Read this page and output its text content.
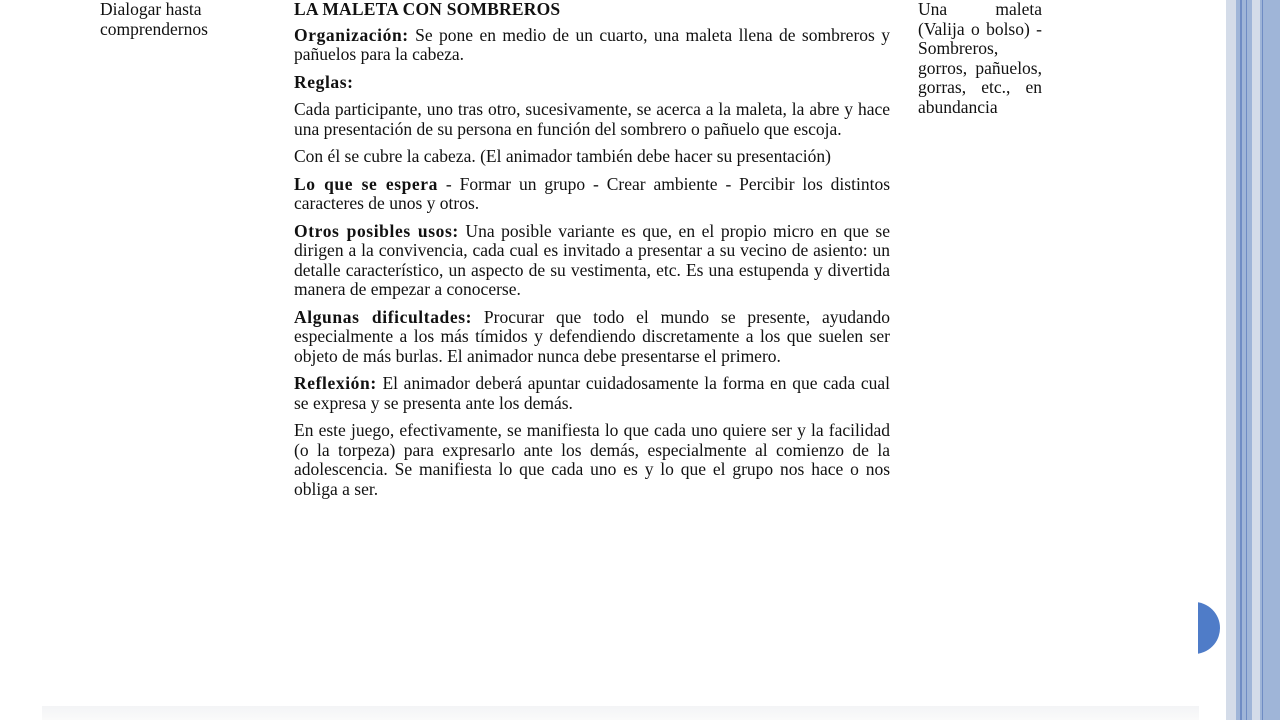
Dialogar hasta comprendernos

LA MALETA CON SOMBREROS

Organización: Se pone en medio de un cuarto, una maleta llena de sombreros y pañuelos para la cabeza.

Reglas:

Cada participante, uno tras otro, sucesivamente, se acerca a la maleta, la abre y hace una presentación de su persona en función del sombrero o pañuelo que escoja.

Con él se cubre la cabeza. (El animador también debe hacer su presentación)

Lo que se espera - Formar un grupo - Crear ambiente - Percibir los distintos caracteres de unos y otros.

Otros posibles usos: Una posible variante es que, en el propio micro en que se dirigen a la convivencia, cada cual es invitado a presentar a su vecino de asiento: un detalle característico, un aspecto de su vestimenta, etc. Es una estupenda y divertida manera de empezar a conocerse.

Algunas dificultades: Procurar que todo el mundo se presente, ayudando especialmente a los más tímidos y defendiendo discretamente a los que suelen ser objeto de más burlas. El animador nunca debe presentarse el primero.

Reflexión: El animador deberá apuntar cuidadosamente la forma en que cada cual se expresa y se presenta ante los demás.

En este juego, efectivamente, se manifiesta lo que cada uno quiere ser y la facilidad (o la torpeza) para expresarlo ante los demás, especialmente al comienzo de la adolescencia. Se manifiesta lo que cada uno es y lo que el grupo nos hace o nos obliga a ser.

Una maleta (Valija o bolso) - Sombreros, gorros, pañuelos, gorras, etc., en abundancia
